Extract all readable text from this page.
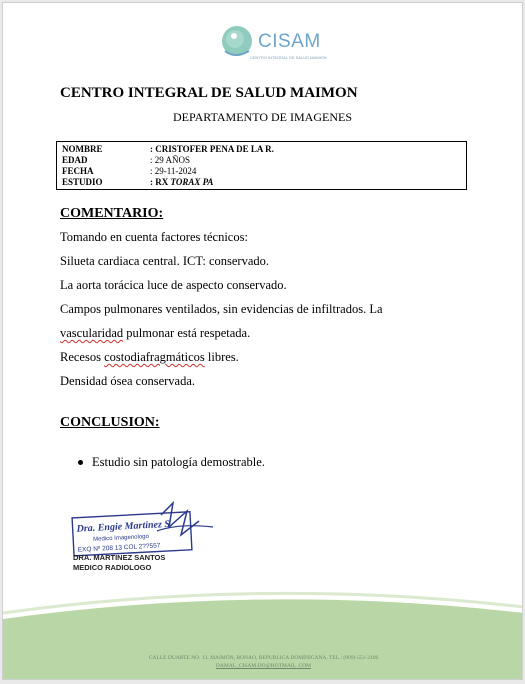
CISAM
CENTRO INTEGRAL DE SALUD MAIMON
CENTRO INTEGRAL DE SALUD MAIMON
DEPARTAMENTO DE IMAGENES
NOMBRE	: CRISTOFER PENA DE LA R.
EDAD	: 29 AÑOS
FECHA	: 29-11-2024
ESTUDIO	: RX TORAX PA
COMENTARIO:
Tomando en cuenta factores técnicos:
Silueta cardiaca central. ICT: conservado.
La aorta torácica luce de aspecto conservado.
Campos pulmonares ventilados, sin evidencias de infiltrados. La
vascularidad pulmonar está respetada.
Recesos costodiafragmáticos libres.
Densidad ósea conservada.
CONCLUSION:
Estudio sin patología demostrable.
Dra. Engie Martinez S
Medico Imagenologo
EXQ Nº 208 13 COL 2??557
DRA. MARTINEZ SANTOS
MEDICO RADIOLOGO
CALLE DUARTE NO. 13, MAIMÓN, BONAO, REPUBLICA DOMINICANA, TEL.: (809)-551-2106
DAMAL_CISAM.DO@HOTMAIL .COM
